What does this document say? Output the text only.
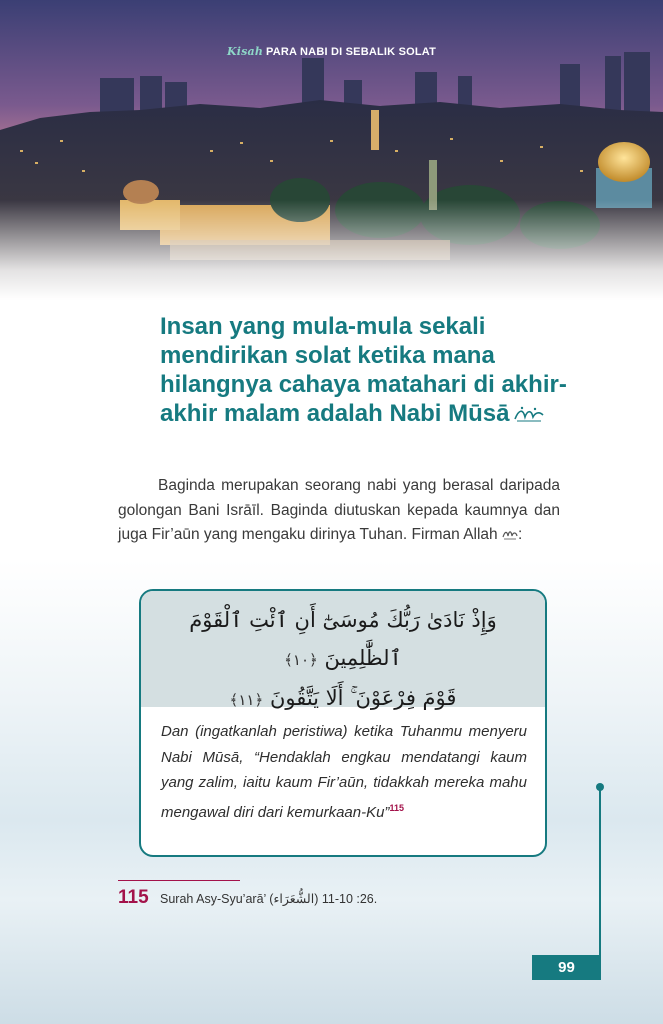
Kisah PARA NABI DI SEBALIK SOLAT
Insan yang mula-mula sekali mendirikan solat ketika mana hilangnya cahaya matahari di akhir-akhir malam adalah Nabi Mūsā

Baginda merupakan seorang nabi yang berasal daripada golongan Bani Isrāīl. Baginda diutuskan kepada kaumnya dan juga Fir’aūn yang mengaku dirinya Tuhan. Firman Allah :

وَإِذْ نَادَىٰ رَبُّكَ مُوسَىٰٓ أَنِ ٱئْتِ ٱلْقَوْمَ ٱلظَّٰلِمِينَ ﴿١٠﴾
قَوْمَ فِرْعَوْنَ ۚ أَلَا يَتَّقُونَ ﴿١١﴾
Dan (ingatkanlah peristiwa) ketika Tuhanmu menyeru Nabi Mūsā, “Hendaklah engkau mendatangi kaum yang zalim, iaitu kaum Fir’aūn, tidakkah mereka mahu mengawal diri dari kemurkaan-Ku”$^{115}$
115 Surah Asy-Syu’arā’ (الشُّعَرَاء) 26: 10-11.
99
